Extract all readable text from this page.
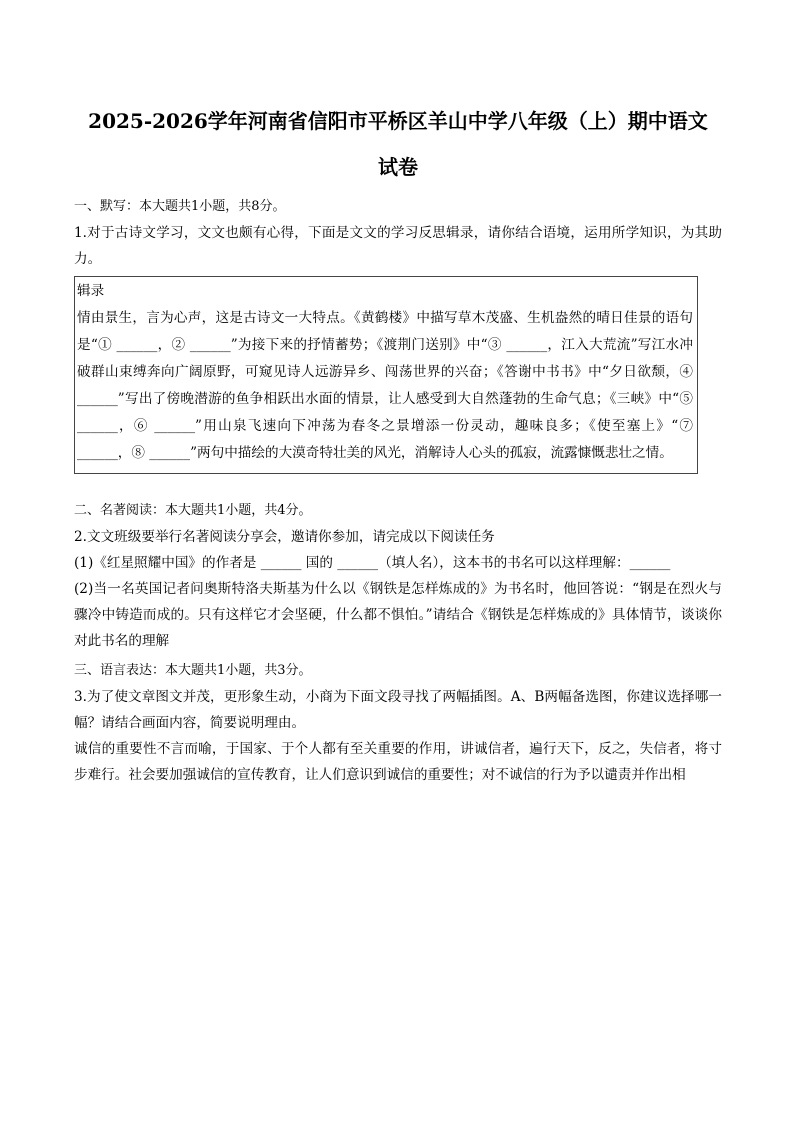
2025-2026学年河南省信阳市平桥区羊山中学八年级（上）期中语文
试卷

一、默写：本大题共1小题，共8分。

1.对于古诗文学习，文文也颇有心得，下面是文文的学习反思辑录，请你结合语境，运用所学知识，为其助力。

辑录

情由景生，言为心声，这是古诗文一大特点。《黄鹤楼》中描写草木茂盛、生机盎然的晴日佳景的语句是“① ______，② ______”为接下来的抒情蓄势；《渡荆门送别》中“③ ______，江入大荒流”写江水冲破群山束缚奔向广阔原野，可窥见诗人远游异乡、闯荡世界的兴奋；《答谢中书书》中“夕日欲颓，④ ______”写出了傍晚潜游的鱼争相跃出水面的情景，让人感受到大自然蓬勃的生命气息；《三峡》中“⑤ ______，⑥ ______”用山泉飞速向下冲荡为春冬之景增添一份灵动，趣味良多；《使至塞上》“⑦ ______，⑧ ______”两句中描绘的大漠奇特壮美的风光，消解诗人心头的孤寂，流露慷慨悲壮之情。

二、名著阅读：本大题共1小题，共4分。

2.文文班级要举行名著阅读分享会，邀请你参加，请完成以下阅读任务

(1)《红星照耀中国》的作者是 ______ 国的 ______（填人名），这本书的书名可以这样理解：______

(2)当一名英国记者问奥斯特洛夫斯基为什么以《钢铁是怎样炼成的》为书名时，他回答说：“钢是在烈火与骤冷中铸造而成的。只有这样它才会坚硬，什么都不惧怕。”请结合《钢铁是怎样炼成的》具体情节，谈谈你对此书名的理解

三、语言表达：本大题共1小题，共3分。

3.为了使文章图文并茂，更形象生动，小商为下面文段寻找了两幅插图。A、B两幅备选图，你建议选择哪一幅？请结合画面内容，简要说明理由。

诚信的重要性不言而喻，于国家、于个人都有至关重要的作用，讲诚信者，遍行天下，反之，失信者，将寸步难行。社会要加强诚信的宣传教育，让人们意识到诚信的重要性；对不诚信的行为予以谴责并作出相
